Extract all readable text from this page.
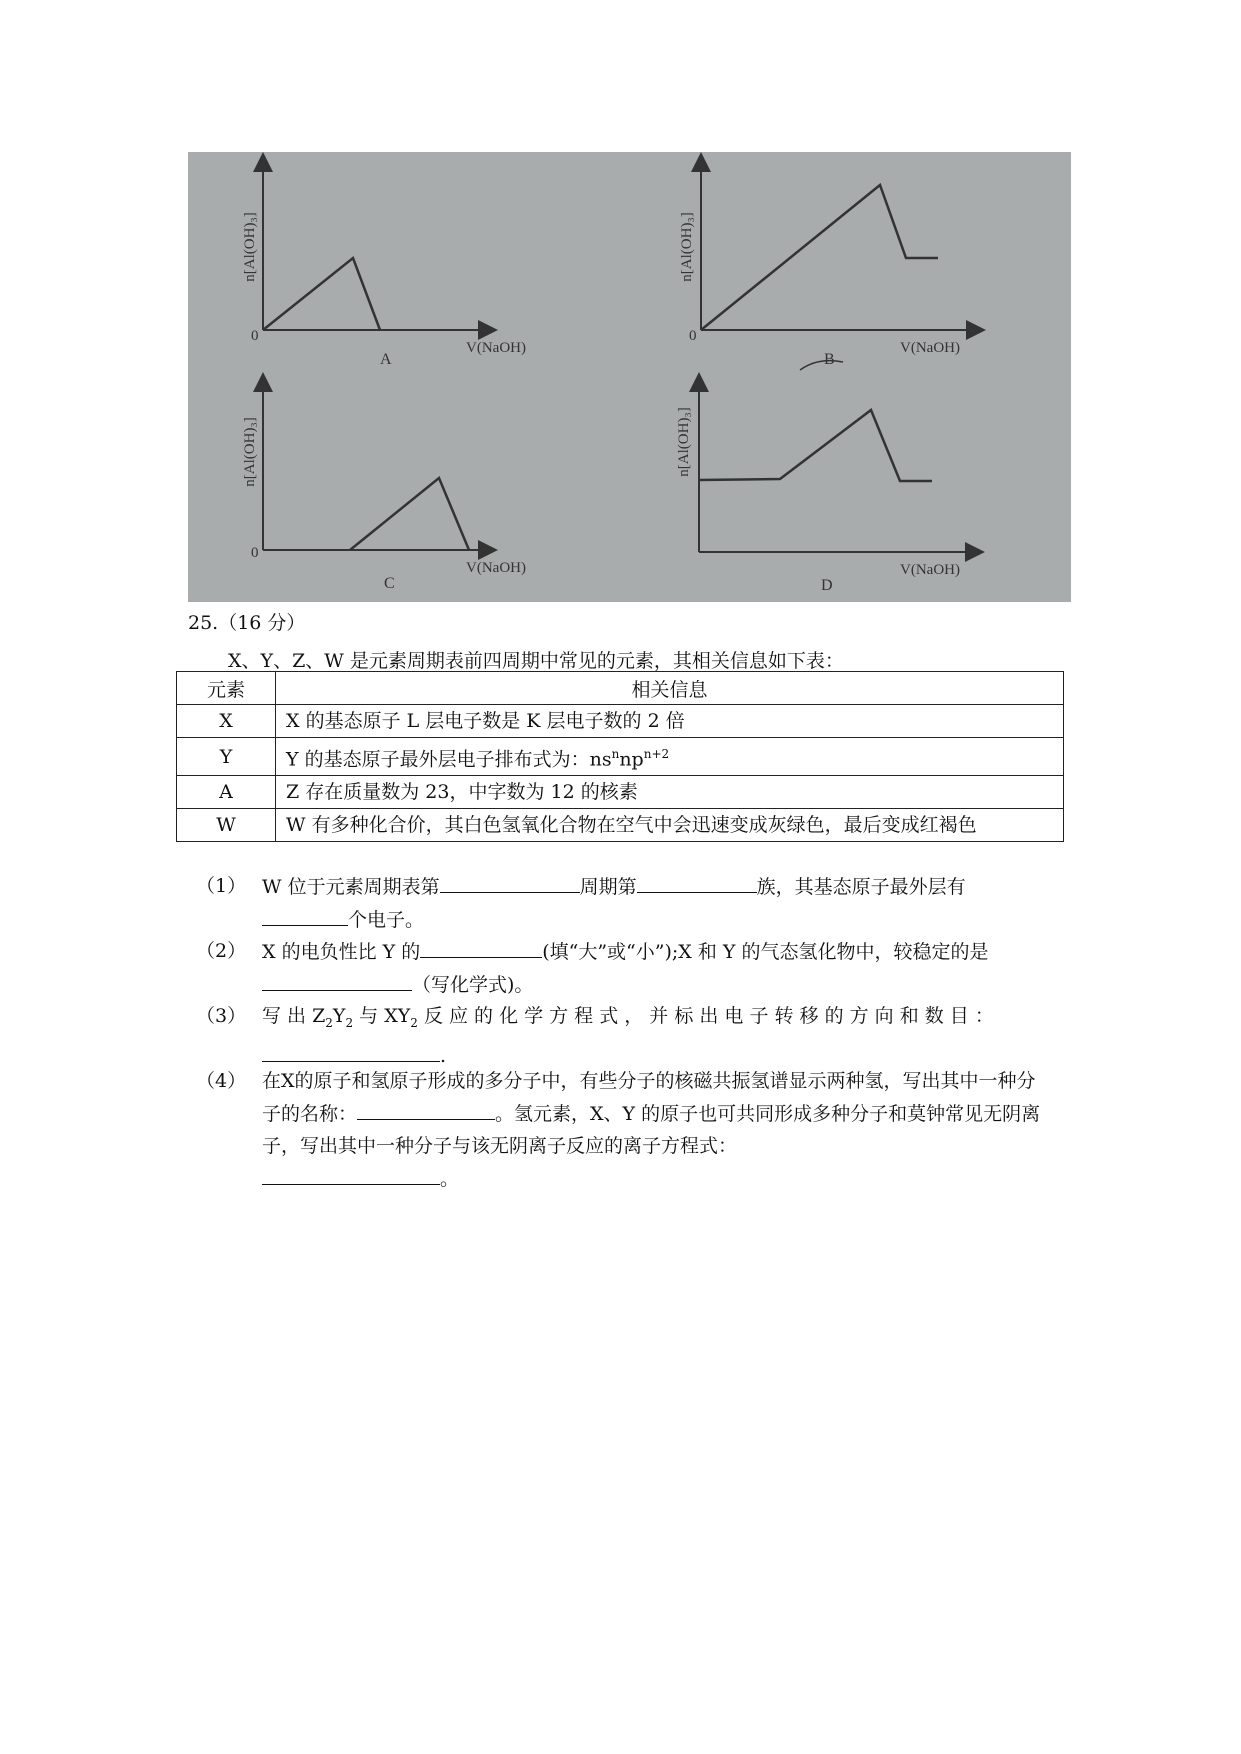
n[Al(OH)₃]
0
V(NaOH)
A
n[Al(OH)₃]
0
V(NaOH)
B
n[Al(OH)₃]
0
V(NaOH)
C
n[Al(OH)₃]
V(NaOH)
D
25.（16 分）
X、Y、Z、W 是元素周期表前四周期中常见的元素，其相关信息如下表：
元素	相关信息
X	X 的基态原子 L 层电子数是 K 层电子数的 2 倍
Y	Y 的基态原子最外层电子排布式为：$ns^nnp^{n+2}$
A	Z 存在质量数为 23，中字数为 12 的核素
W	W 有多种化合价，其白色氢氧化合物在空气中会迅速变成灰绿色，最后变成红褐色
（1） W 位于元素周期表第	周期第	族，其基态原子最外层有
个电子。
（2） X 的电负性比 Y 的	(填“大”或“小”);X 和 Y 的气态氢化物中，较稳定的是（写化学式)。
（3） 写 出 $Z_2Y_2$ 与 $XY_2$ 反 应 的 化 学 方 程 式 ， 并 标 出 电 子 转 移 的 方 向 和 数 目 ：
.
（4） 在X的原子和氢原子形成的多分子中，有些分子的核磁共振氢谱显示两种氢，写出其中一种分子的名称：	。氢元素，X、Y 的原子也可共同形成多种分子和莫钟常见无阴离子，写出其中一种分子与该无阴离子反应的离子方程式：
。
